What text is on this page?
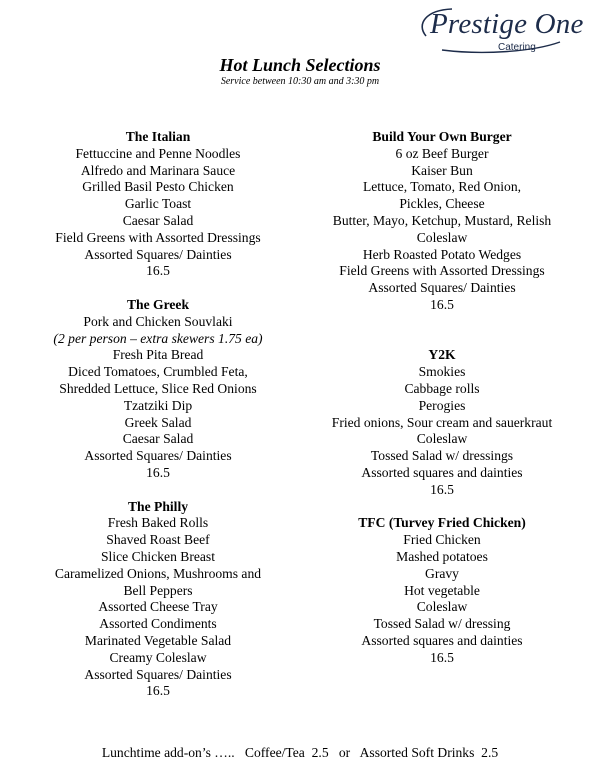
Prestige One
Catering
Hot Lunch Selections
Service between 10:30 am and 3:30 pm
The Italian
Fettuccine and Penne Noodles
Alfredo and Marinara Sauce
Grilled Basil Pesto Chicken
Garlic Toast
Caesar Salad
Field Greens with Assorted Dressings
Assorted Squares/ Dainties
16.5
The Greek
Pork and Chicken Souvlaki
(2 per person – extra skewers 1.75 ea)
Fresh Pita Bread
Diced Tomatoes, Crumbled Feta,
Shredded Lettuce, Slice Red Onions
Tzatziki Dip
Greek Salad
Caesar Salad
Assorted Squares/ Dainties
16.5
The Philly
Fresh Baked Rolls
Shaved Roast Beef
Slice Chicken Breast
Caramelized Onions, Mushrooms and
Bell Peppers
Assorted Cheese Tray
Assorted Condiments
Marinated Vegetable Salad
Creamy Coleslaw
Assorted Squares/ Dainties
16.5
Build Your Own Burger
6 oz Beef Burger
Kaiser Bun
Lettuce, Tomato, Red Onion,
Pickles, Cheese
Butter, Mayo, Ketchup, Mustard, Relish
Coleslaw
Herb Roasted Potato Wedges
Field Greens with Assorted Dressings
Assorted Squares/ Dainties
16.5
Y2K
Smokies
Cabbage rolls
Perogies
Fried onions, Sour cream and sauerkraut
Coleslaw
Tossed Salad w/ dressings
Assorted squares and dainties
16.5
TFC (Turvey Fried Chicken)
Fried Chicken
Mashed potatoes
Gravy
Hot vegetable
Coleslaw
Tossed Salad w/ dressing
Assorted squares and dainties
16.5
Lunchtime add-on’s …..   Coffee/Tea  2.5   or   Assorted Soft Drinks  2.5
